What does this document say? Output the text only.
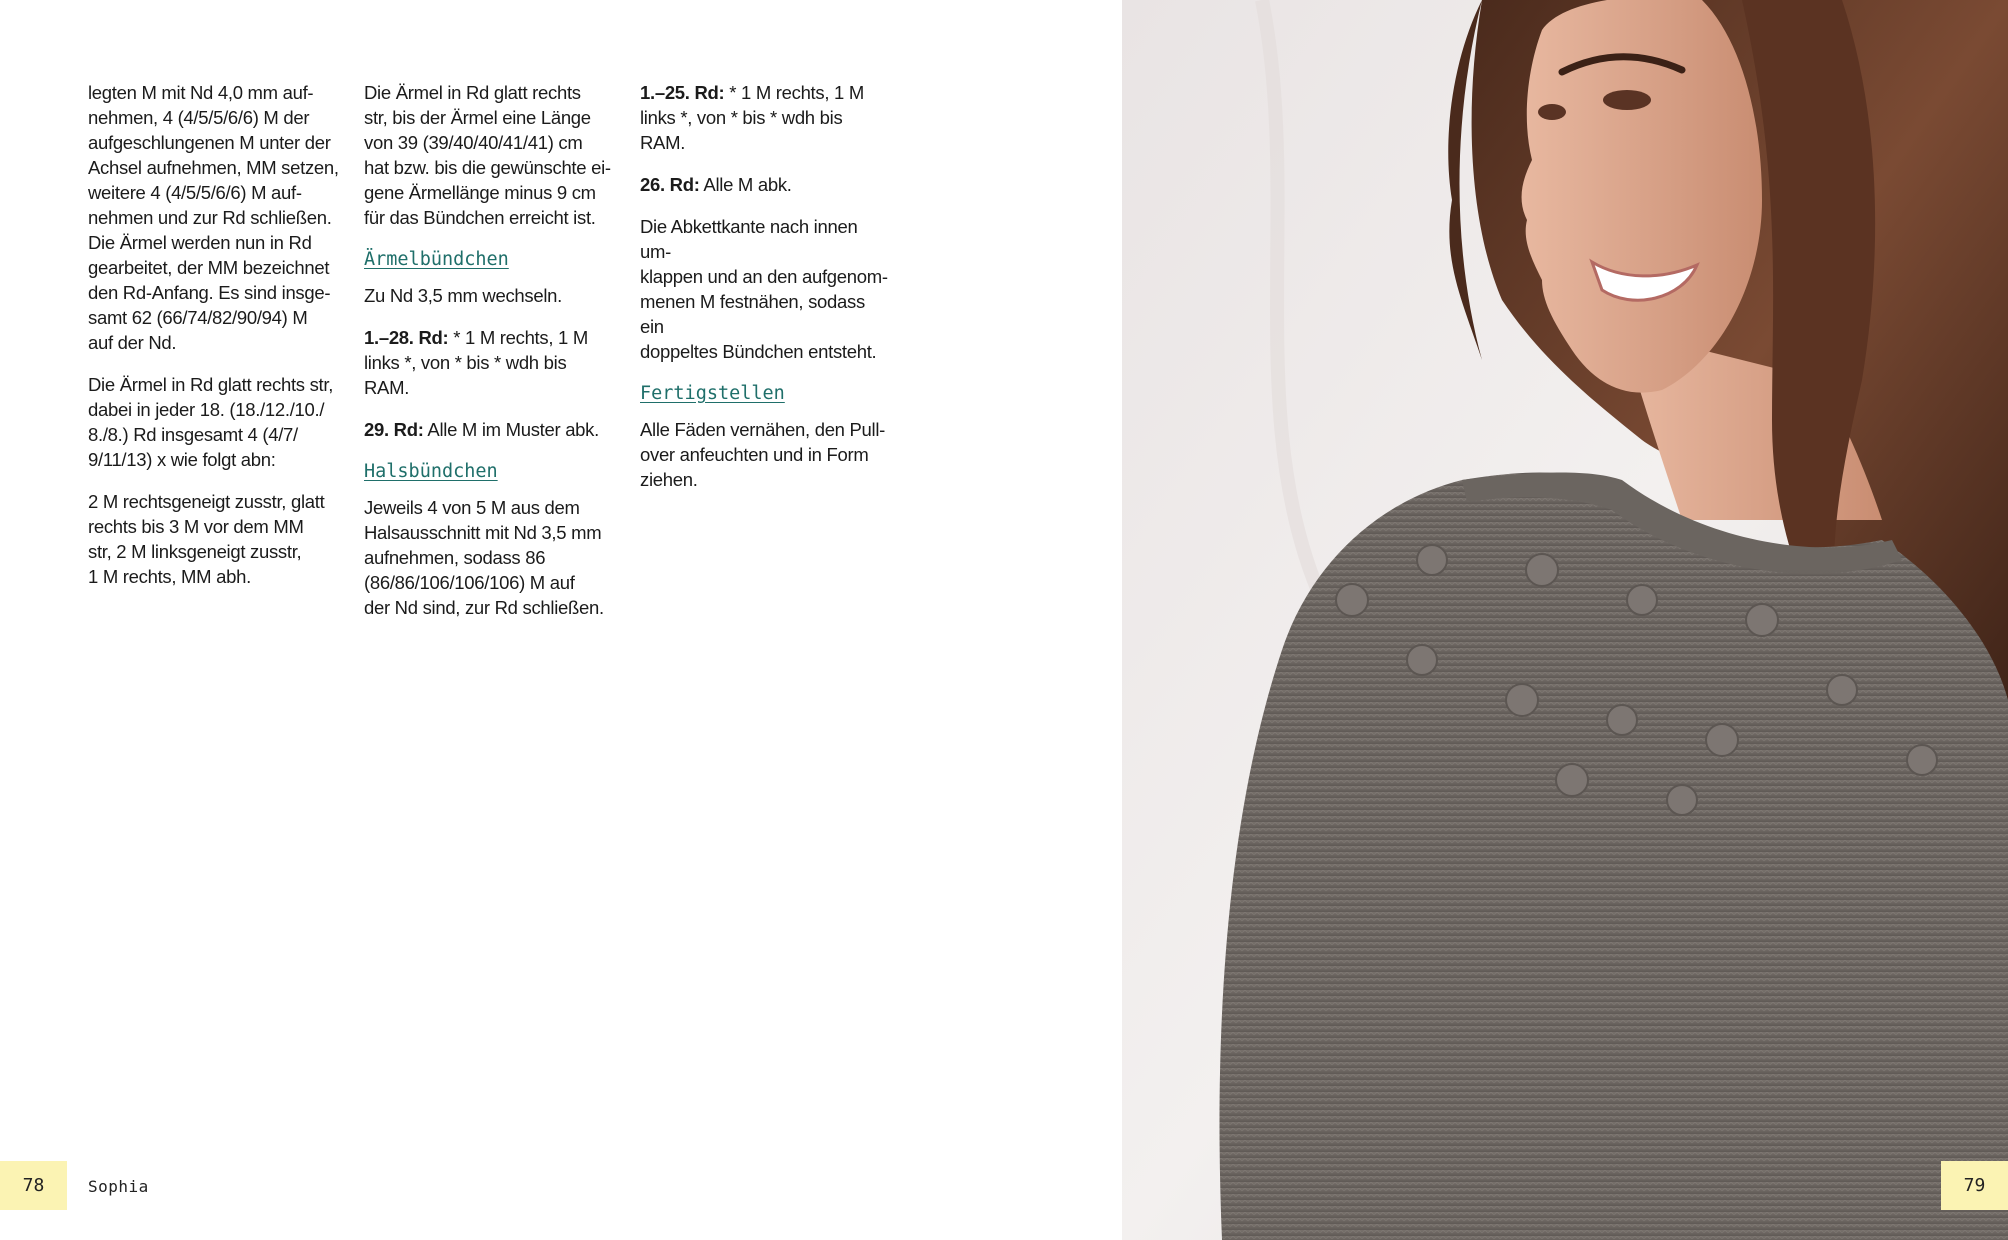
legten M mit Nd 4,0 mm auf-
nehmen, 4 (4/5/5/6/6) M der
aufgeschlungenen M unter der
Achsel aufnehmen, MM setzen,
weitere 4 (4/5/5/6/6) M auf-
nehmen und zur Rd schließen.
Die Ärmel werden nun in Rd
gearbeitet, der MM bezeichnet
den Rd-Anfang. Es sind insge-
samt 62 (66/74/82/90/94) M
auf der Nd.

Die Ärmel in Rd glatt rechts str,
dabei in jeder 18. (18./12./10./
8./8.) Rd insgesamt 4 (4/7/
9/11/13) x wie folgt abn:

2 M rechtsgeneigt zusstr, glatt
rechts bis 3 M vor dem MM
str, 2 M linksgeneigt zusstr,
1 M rechts, MM abh.

Die Ärmel in Rd glatt rechts
str, bis der Ärmel eine Länge
von 39 (39/40/40/41/41) cm
hat bzw. bis die gewünschte ei-
gene Ärmellänge minus 9 cm
für das Bündchen erreicht ist.

Ärmelbündchen

Zu Nd 3,5 mm wechseln.

1.–28. Rd: * 1 M rechts, 1 M
links *, von * bis * wdh bis
RAM.

29. Rd: Alle M im Muster abk.

Halsbündchen

Jeweils 4 von 5 M aus dem
Halsausschnitt mit Nd 3,5 mm
aufnehmen, sodass 86
(86/86/106/106/106) M auf
der Nd sind, zur Rd schließen.

1.–25. Rd: * 1 M rechts, 1 M
links *, von * bis * wdh bis
RAM.

26. Rd: Alle M abk.

Die Abkettkante nach innen um-
klappen und an den aufgenom-
menen M festnähen, sodass ein
doppeltes Bündchen entsteht.

Fertigstellen

Alle Fäden vernähen, den Pull-
over anfeuchten und in Form
ziehen.

78	Sophia	79
